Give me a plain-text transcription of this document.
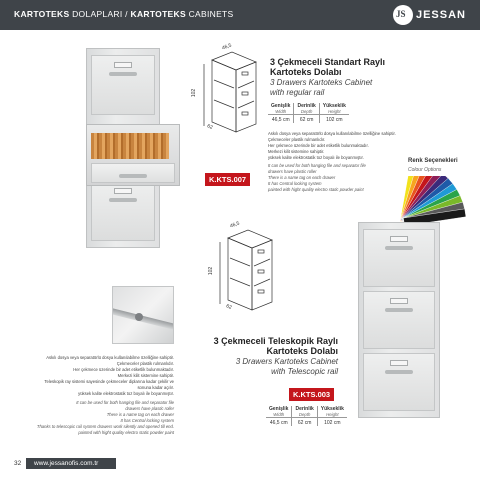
KARTOTEKS DOLAPLARI / KARTOTEKS CABINETS JS	JESSAN
46,5
102
62
3 Çekmeceli Standart Raylı
Kartoteks Dolabı
3 Drawers Kartoteks Cabinet
with regular rail
Genişlik	Derinlik	Yükseklik
Width	Depth	Height
46,5 cm	62 cm	102 cm
Askılı dosya veya separatörlü dosya kullanılabilme özelliğine sahiptir.
Çekmeceler plastik rulmanlıdır.
Her çekmece üzerinde bir adet etiketlik bulunmaktadır.
Merkezi kilit sistemine sahiptir.
yüksek kalite elektrostatik toz boyalı ile boyanmıştır.
It can be used for both hanging file and separator file
drawers have plastic roller
There is a name tag on each drawer
It has Central locking system
painted with hight quality electro static powder paint
K.KTS.007
Renk Seçenekleri
Colour Options
46,5
102
62
3 Çekmeceli Teleskopik Raylı
Kartoteks Dolabı
3 Drawers Kartoteks Cabinet
with Telescopic rail
Askılı dosya veya separatörlü dosya kullanılabilme özelliğine sahiptir.
Çekmeceler plastik rulmanlıdır.
Her çekmece üzerinde bir adet etiketlik bulunmaktadır.
Merkezi kilit sistemine sahiptir.
Teleskopik ray sistemi sayesinde çekmeceler diplarına kadar çekilir ve
sonuna kadar açılır.
yüksek kalite elektrostatik toz boyalı ile boyanmıştır.
It can be used for both hanging file and separator file
drawers have plastic roller
There is a name tag on each drawer
It has Central locking system
Thanks to telescopic rail system drawers work silently and opened till end.
painted with hight quality electro static powder paint
K.KTS.003
Genişlik	Derinlik	Yükseklik
Width	Depth	Height
46,5 cm	62 cm	102 cm
32 www.jessanofis.com.tr
